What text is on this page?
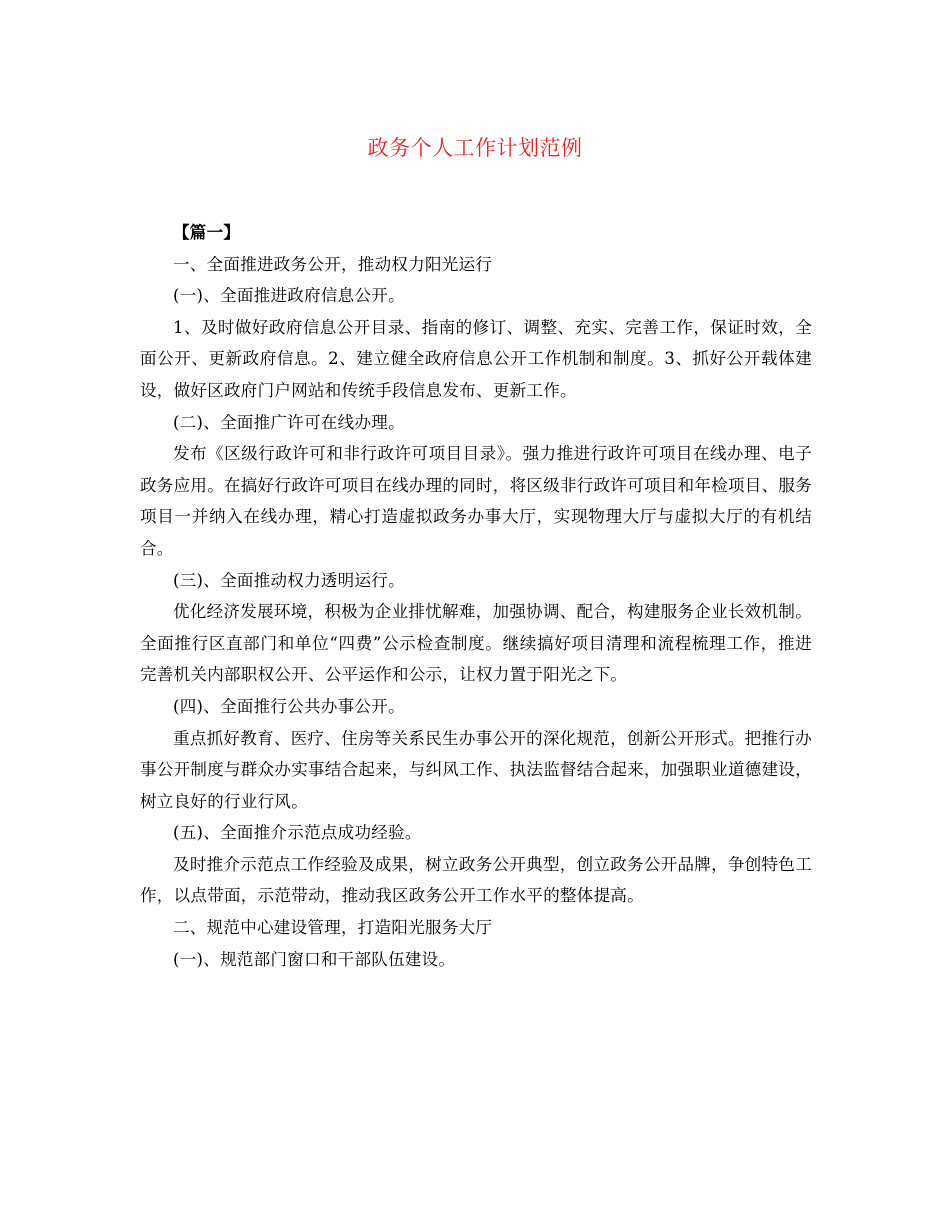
政务个人工作计划范例

【篇一】

一、全面推进政务公开，推动权力阳光运行

(一)、全面推进政府信息公开。

1、及时做好政府信息公开目录、指南的修订、调整、充实、完善工作，保证时效，全面公开、更新政府信息。2、建立健全政府信息公开工作机制和制度。3、抓好公开载体建设，做好区政府门户网站和传统手段信息发布、更新工作。

(二)、全面推广许可在线办理。

发布《区级行政许可和非行政许可项目目录》。强力推进行政许可项目在线办理、电子政务应用。在搞好行政许可项目在线办理的同时，将区级非行政许可项目和年检项目、服务项目一并纳入在线办理，精心打造虚拟政务办事大厅，实现物理大厅与虚拟大厅的有机结合。

(三)、全面推动权力透明运行。

优化经济发展环境，积极为企业排忧解难，加强协调、配合，构建服务企业长效机制。全面推行区直部门和单位“四费”公示检查制度。继续搞好项目清理和流程梳理工作，推进完善机关内部职权公开、公平运作和公示，让权力置于阳光之下。

(四)、全面推行公共办事公开。

重点抓好教育、医疗、住房等关系民生办事公开的深化规范，创新公开形式。把推行办事公开制度与群众办实事结合起来，与纠风工作、执法监督结合起来，加强职业道德建设，树立良好的行业行风。

(五)、全面推介示范点成功经验。

及时推介示范点工作经验及成果，树立政务公开典型，创立政务公开品牌，争创特色工作，以点带面，示范带动，推动我区政务公开工作水平的整体提高。

二、规范中心建设管理，打造阳光服务大厅

(一)、规范部门窗口和干部队伍建设。
